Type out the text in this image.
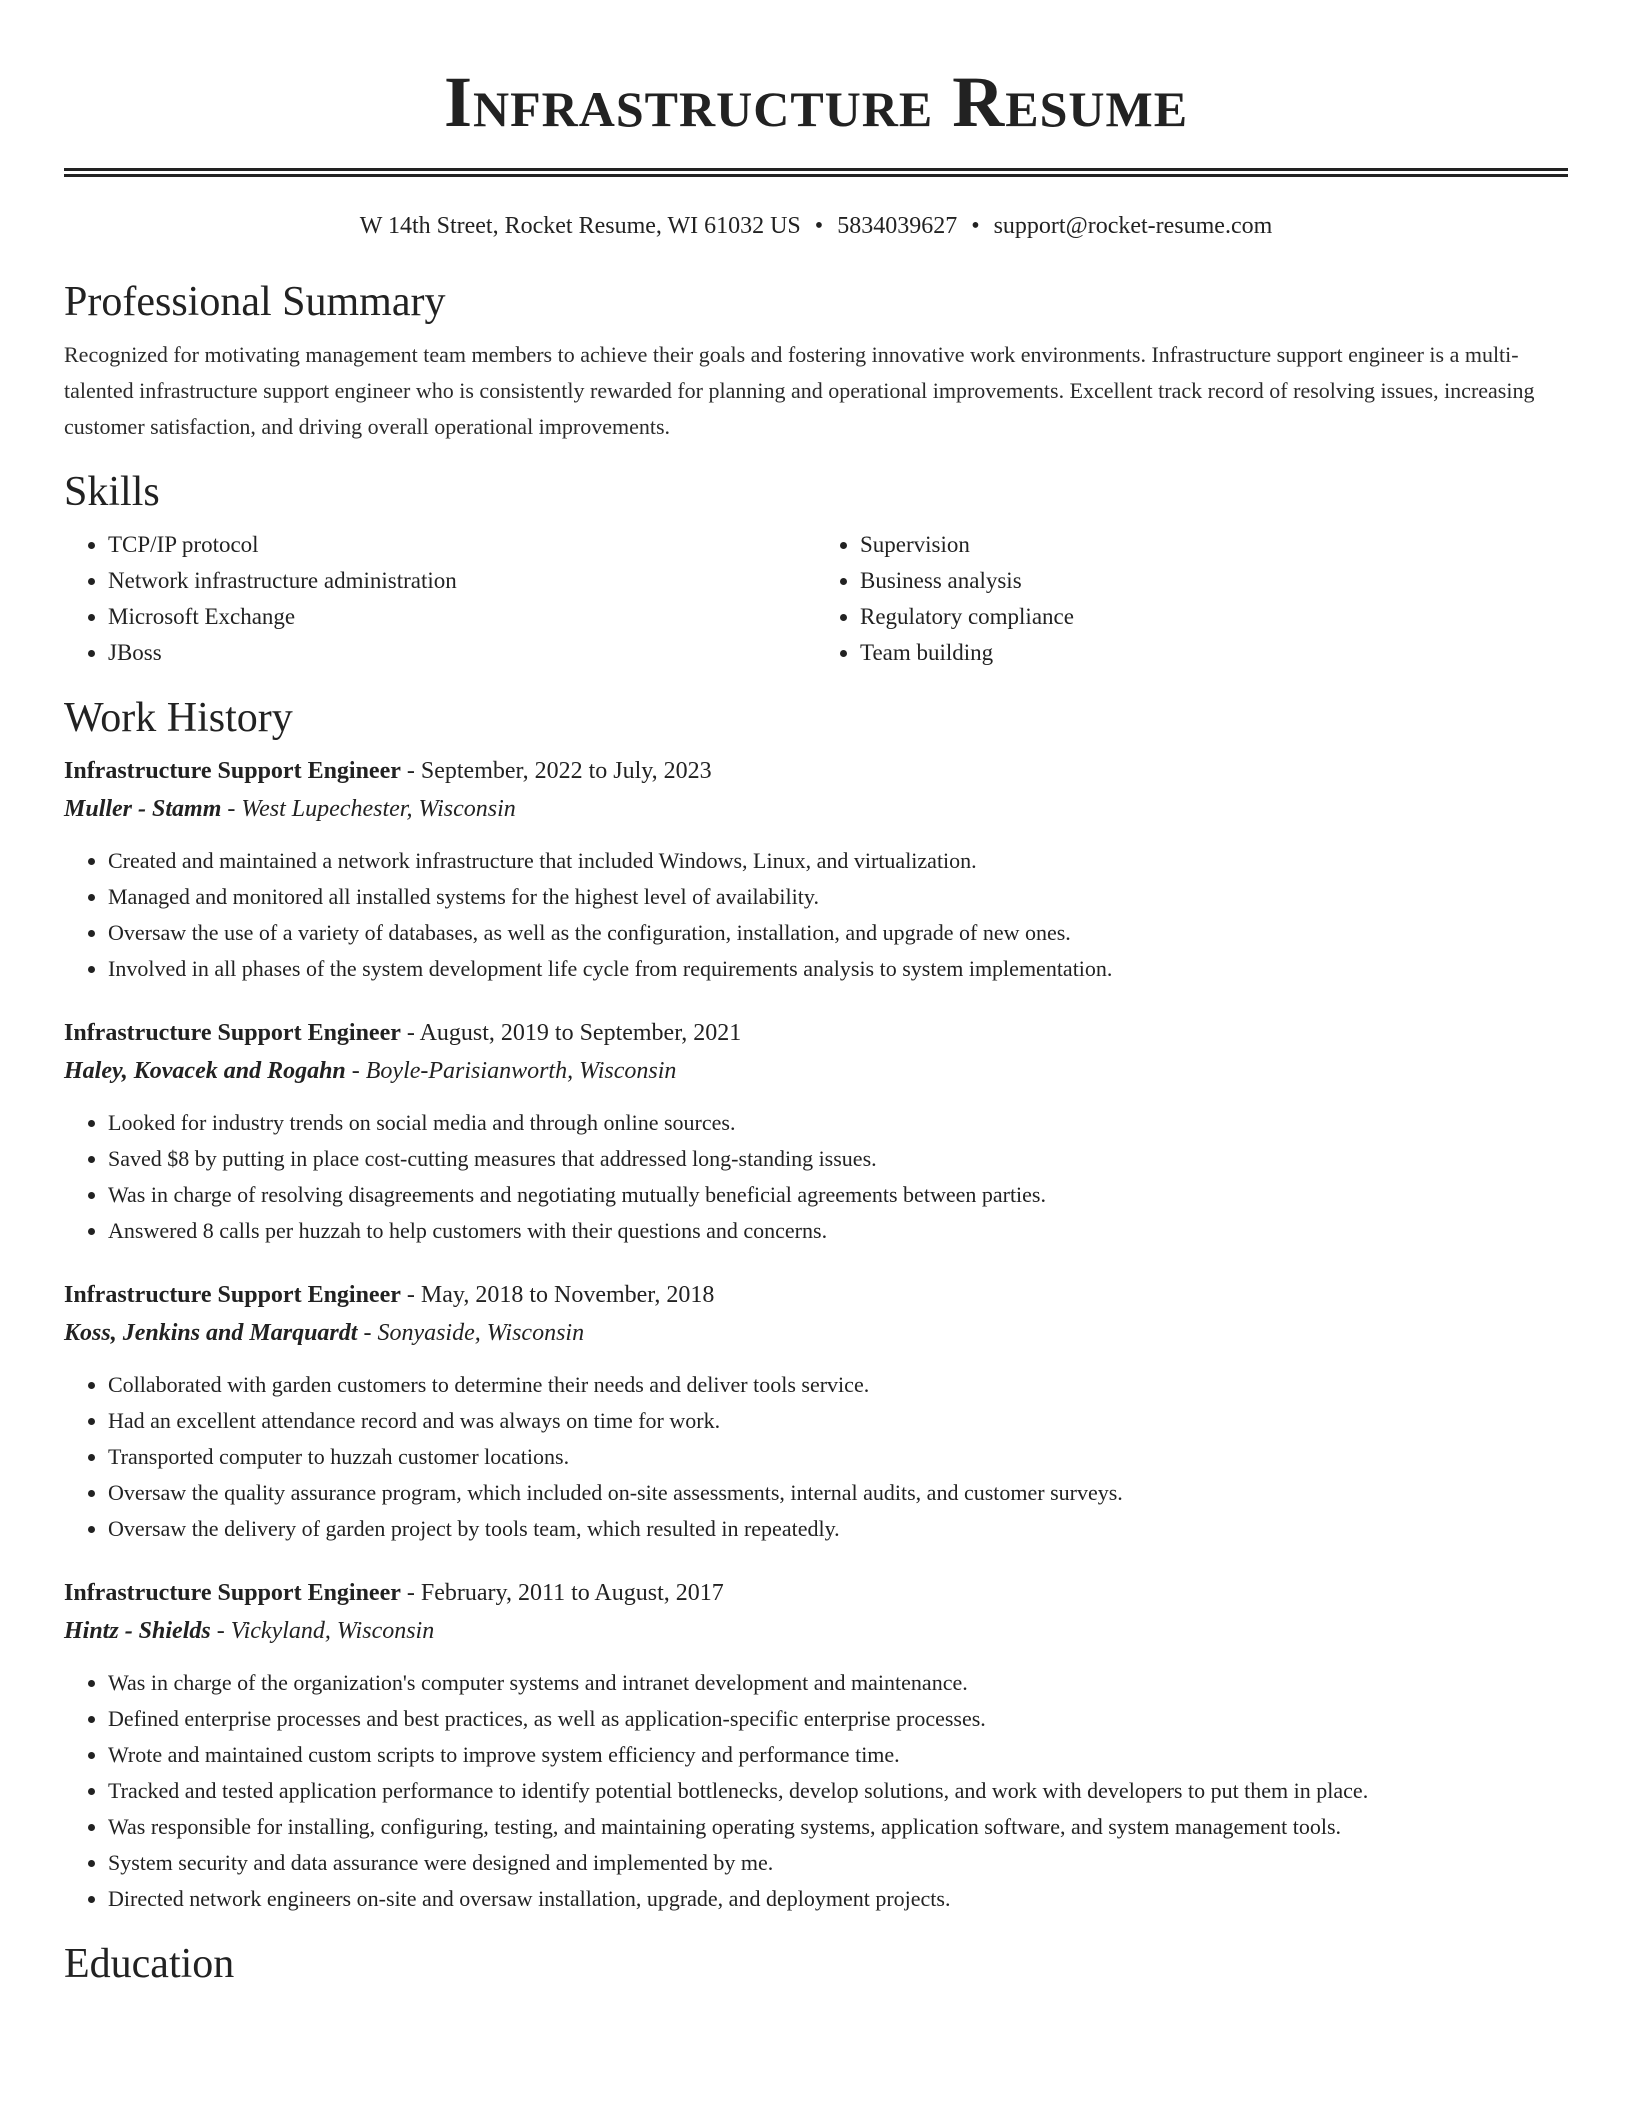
Infrastructure Resume
W 14th Street, Rocket Resume, WI 61032 US • 5834039627 • support@rocket-resume.com
Professional Summary

Recognized for motivating management team members to achieve their goals and fostering innovative work environments. Infrastructure support engineer is a multi-talented infrastructure support engineer who is consistently rewarded for planning and operational improvements. Excellent track record of resolving issues, increasing customer satisfaction, and driving overall operational improvements.

Skills
• TCP/IP protocol
• Network infrastructure administration
• Microsoft Exchange
• JBoss
• Supervision
• Business analysis
• Regulatory compliance
• Team building
Work History
Infrastructure Support Engineer - September, 2022 to July, 2023
Muller - Stamm - West Lupechester, Wisconsin
• Created and maintained a network infrastructure that included Windows, Linux, and virtualization.
• Managed and monitored all installed systems for the highest level of availability.
• Oversaw the use of a variety of databases, as well as the configuration, installation, and upgrade of new ones.
• Involved in all phases of the system development life cycle from requirements analysis to system implementation.
Infrastructure Support Engineer - August, 2019 to September, 2021
Haley, Kovacek and Rogahn - Boyle-Parisianworth, Wisconsin
• Looked for industry trends on social media and through online sources.
• Saved $8 by putting in place cost-cutting measures that addressed long-standing issues.
• Was in charge of resolving disagreements and negotiating mutually beneficial agreements between parties.
• Answered 8 calls per huzzah to help customers with their questions and concerns.
Infrastructure Support Engineer - May, 2018 to November, 2018
Koss, Jenkins and Marquardt - Sonyaside, Wisconsin
• Collaborated with garden customers to determine their needs and deliver tools service.
• Had an excellent attendance record and was always on time for work.
• Transported computer to huzzah customer locations.
• Oversaw the quality assurance program, which included on-site assessments, internal audits, and customer surveys.
• Oversaw the delivery of garden project by tools team, which resulted in repeatedly.
Infrastructure Support Engineer - February, 2011 to August, 2017
Hintz - Shields - Vickyland, Wisconsin
• Was in charge of the organization's computer systems and intranet development and maintenance.
• Defined enterprise processes and best practices, as well as application-specific enterprise processes.
• Wrote and maintained custom scripts to improve system efficiency and performance time.
• Tracked and tested application performance to identify potential bottlenecks, develop solutions, and work with developers to put them in place.
• Was responsible for installing, configuring, testing, and maintaining operating systems, application software, and system management tools.
• System security and data assurance were designed and implemented by me.
• Directed network engineers on-site and oversaw installation, upgrade, and deployment projects.
Education
